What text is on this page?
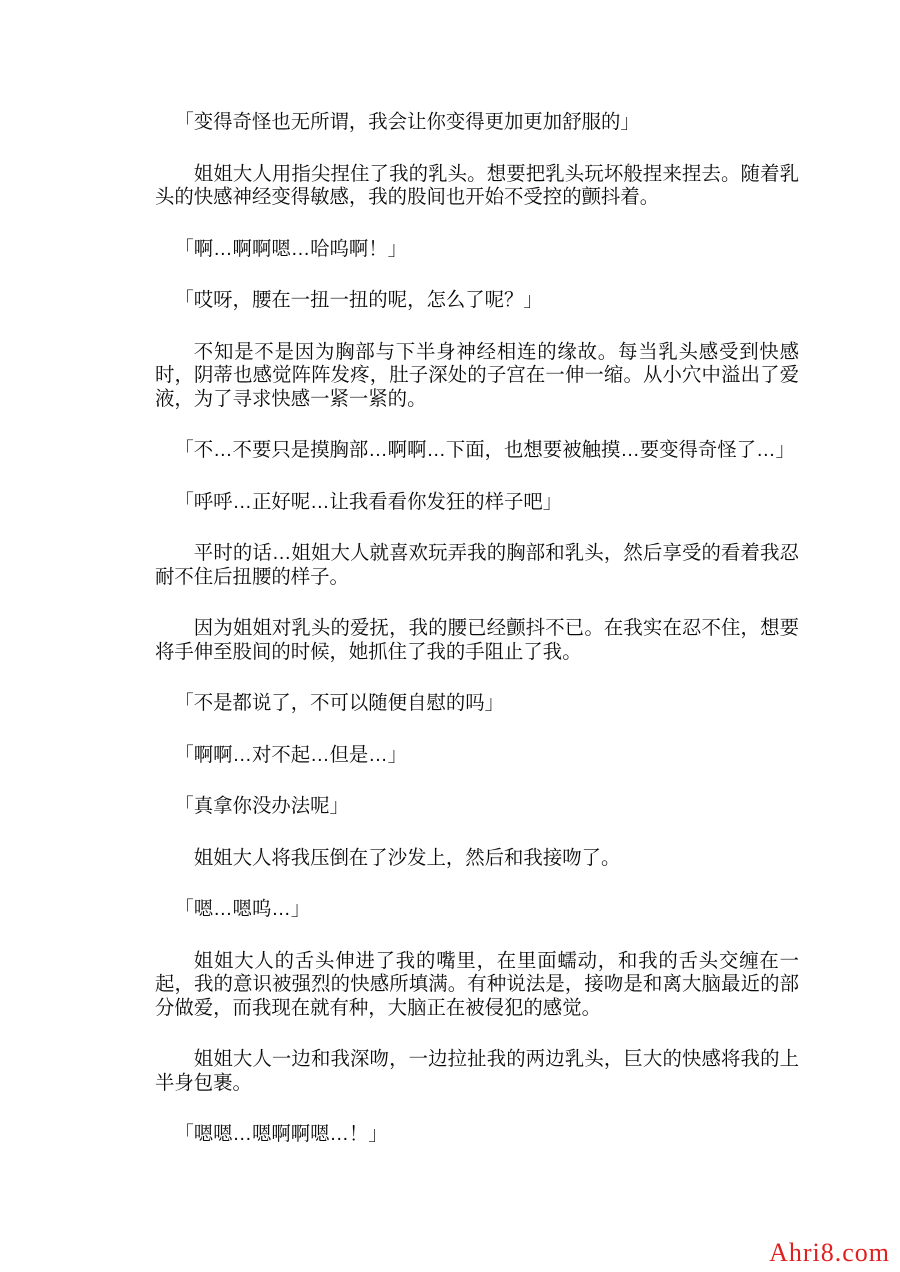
「变得奇怪也无所谓，我会让你变得更加更加舒服的」

姐姐大人用指尖捏住了我的乳头。想要把乳头玩坏般捏来捏去。随着乳头的快感神经变得敏感，我的股间也开始不受控的颤抖着。

「啊…啊啊嗯…哈呜啊！」

「哎呀，腰在一扭一扭的呢，怎么了呢？」

不知是不是因为胸部与下半身神经相连的缘故。每当乳头感受到快感时，阴蒂也感觉阵阵发疼，肚子深处的子宫在一伸一缩。从小穴中溢出了爱液，为了寻求快感一紧一紧的。

「不…不要只是摸胸部…啊啊…下面，也想要被触摸…要变得奇怪了…」

「呼呼…正好呢…让我看看你发狂的样子吧」

平时的话…姐姐大人就喜欢玩弄我的胸部和乳头，然后享受的看着我忍耐不住后扭腰的样子。

因为姐姐对乳头的爱抚，我的腰已经颤抖不已。在我实在忍不住，想要将手伸至股间的时候，她抓住了我的手阻止了我。

「不是都说了，不可以随便自慰的吗」

「啊啊…对不起…但是…」

「真拿你没办法呢」

姐姐大人将我压倒在了沙发上，然后和我接吻了。

「嗯…嗯呜…」

姐姐大人的舌头伸进了我的嘴里，在里面蠕动，和我的舌头交缠在一起，我的意识被强烈的快感所填满。有种说法是，接吻是和离大脑最近的部分做爱，而我现在就有种，大脑正在被侵犯的感觉。

姐姐大人一边和我深吻，一边拉扯我的两边乳头，巨大的快感将我的上半身包裹。

「嗯嗯…嗯啊啊嗯…！」

Ahri8.com
